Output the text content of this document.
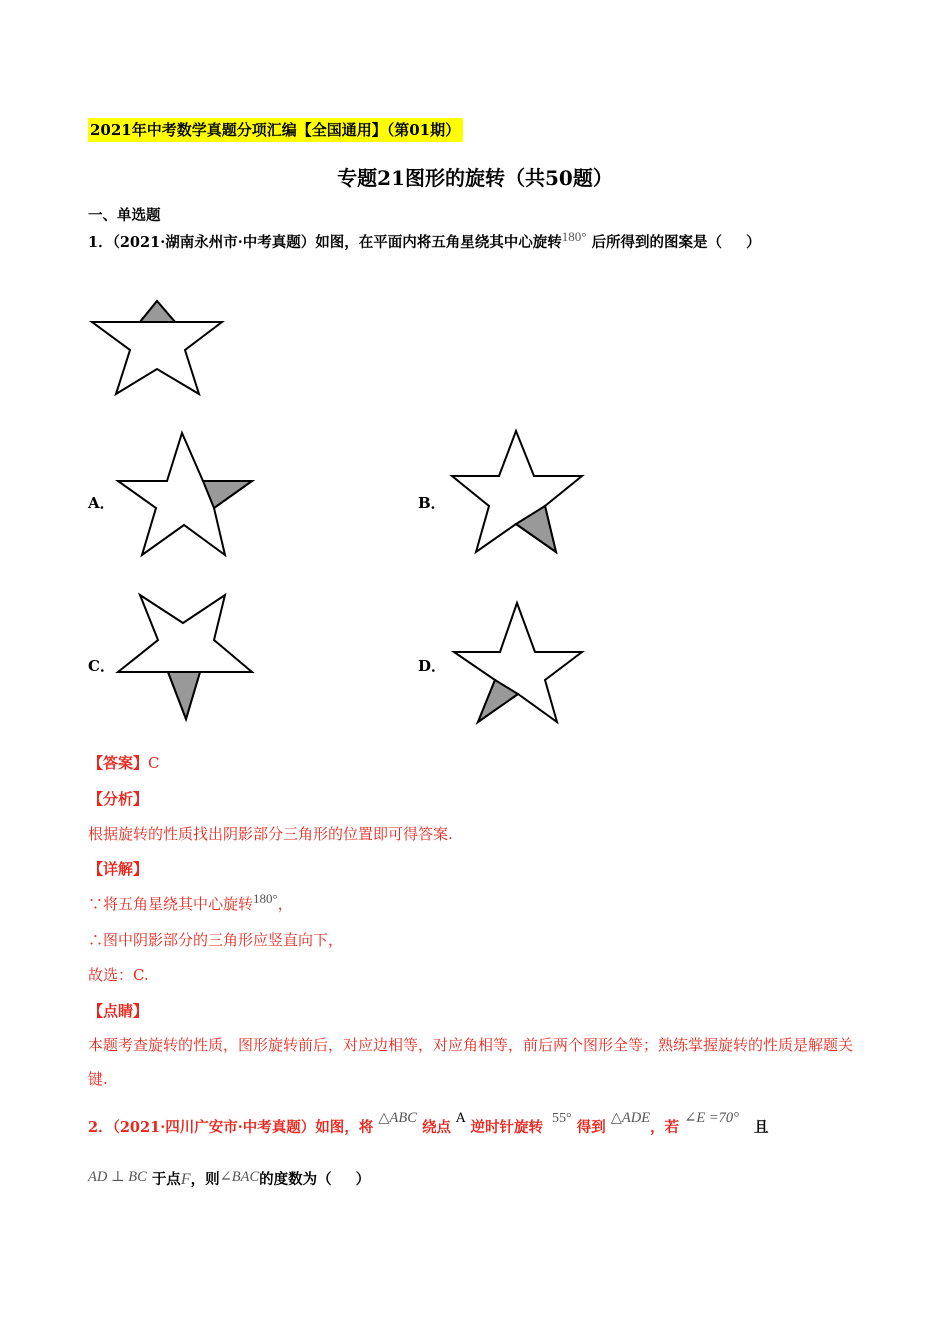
2021年中考数学真题分项汇编【全国通用】（第01期）
专题21图形的旋转（共50题）
一、单选题
1．（2021·湖南永州市·中考真题）如图，在平面内将五角星绕其中心旋转180° 后所得到的图案是（ ）
A．	B．
C．	D．
【答案】C
【分析】
根据旋转的性质找出阴影部分三角形的位置即可得答案.
【详解】
∵将五角星绕其中心旋转180°，
∴图中阴影部分的三角形应竖直向下，
故选：C.
【点睛】
本题考查旋转的性质，图形旋转前后，对应边相等，对应角相等，前后两个图形全等；熟练掌握旋转的性质是解题关键.
2．（2021·四川广安市·中考真题）如图，将 △ABC 绕点 A 逆时针旋转 55° 得到 △ADE，若 ∠E =70° 且
AD ⊥ BC 于点F，则∠BAC的度数为（ ）
